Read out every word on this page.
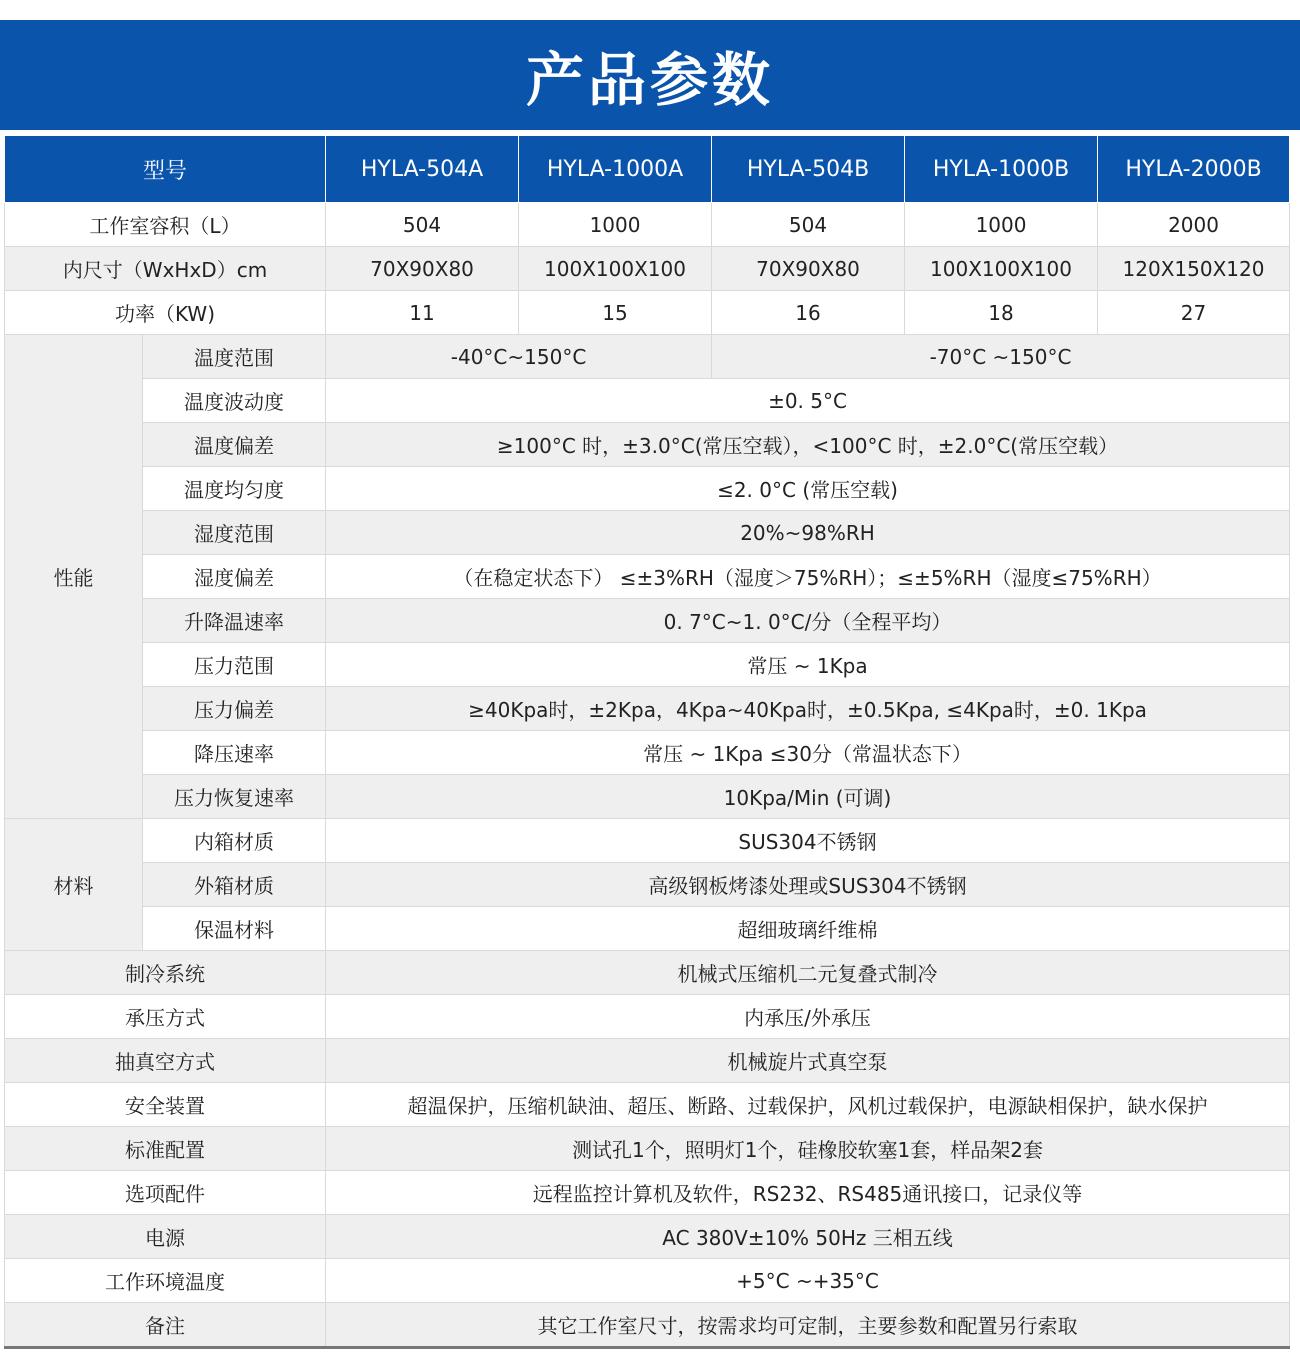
产品参数
型号		HYLA-504A	HYLA-1000A	HYLA-504B	HYLA-1000B	HYLA-2000B
工作室容积（L）		504	1000	504	1000	2000
内尺寸（WxHxD）cm		70X90X80	100X100X100	70X90X80	100X100X100	120X150X120
功率（KW)		11	15	16	18	27
性能	温度范围	-40°C~150°C		-70°C ~150°C		
	温度波动度	±0. 5°C				
	温度偏差	≥100°C 时，±3.0°C(常压空载），<100°C 时，±2.0°C(常压空载）				
	温度均匀度	≤2. 0°C (常压空载)				
	湿度范围	20%~98%RH				
	湿度偏差	（在稳定状态下） ≤±3%RH（湿度＞75%RH）；≤±5%RH（湿度≤75%RH）				
	升降温速率	0. 7°C~1. 0°C/分（全程平均）				
	压力范围	常压 ~ 1Kpa				
	压力偏差	≥40Kpa时，±2Kpa，4Kpa~40Kpa时，±0.5Kpa, ≤4Kpa时，±0. 1Kpa				
	降压速率	常压 ~ 1Kpa ≤30分（常温状态下）				
	压力恢复速率	10Kpa/Min (可调)				
材料	内箱材质	SUS304不锈钢				
	外箱材质	高级钢板烤漆处理或SUS304不锈钢				
	保温材料	超细玻璃纤维棉				
制冷系统		机械式压缩机二元复叠式制冷				
承压方式		内承压/外承压				
抽真空方式		机械旋片式真空泵				
安全装置		超温保护，压缩机缺油、超压、断路、过载保护，风机过载保护，电源缺相保护，缺水保护				
标准配置		测试孔1个，照明灯1个，硅橡胶软塞1套，样品架2套				
选项配件		远程监控计算机及软件，RS232、RS485通讯接口，记录仪等				
电源		AC 380V±10% 50Hz 三相五线				
工作环境温度		+5°C ~+35°C				
备注		其它工作室尺寸，按需求均可定制，主要参数和配置另行索取				
